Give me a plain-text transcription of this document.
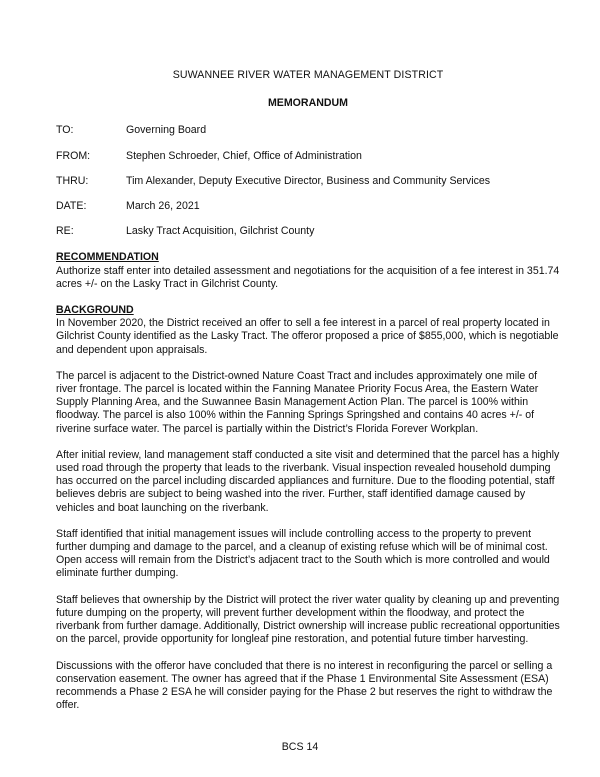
SUWANNEE RIVER WATER MANAGEMENT DISTRICT
MEMORANDUM
TO:	Governing Board
FROM:	Stephen Schroeder, Chief, Office of Administration
THRU:	Tim Alexander, Deputy Executive Director, Business and Community Services
DATE:	March 26, 2021
RE:	Lasky Tract Acquisition, Gilchrist County
RECOMMENDATION

Authorize staff enter into detailed assessment and negotiations for the acquisition of a fee interest in 351.74 acres +/- on the Lasky Tract in Gilchrist County.

BACKGROUND

In November 2020, the District received an offer to sell a fee interest in a parcel of real property located in Gilchrist County identified as the Lasky Tract. The offeror proposed a price of $855,000, which is negotiable and dependent upon appraisals.

The parcel is adjacent to the District-owned Nature Coast Tract and includes approximately one mile of river frontage. The parcel is located within the Fanning Manatee Priority Focus Area, the Eastern Water Supply Planning Area, and the Suwannee Basin Management Action Plan. The parcel is 100% within floodway. The parcel is also 100% within the Fanning Springs Springshed and contains 40 acres +/- of riverine surface water. The parcel is partially within the District’s Florida Forever Workplan.

After initial review, land management staff conducted a site visit and determined that the parcel has a highly used road through the property that leads to the riverbank. Visual inspection revealed household dumping has occurred on the parcel including discarded appliances and furniture. Due to the flooding potential, staff believes debris are subject to being washed into the river. Further, staff identified damage caused by vehicles and boat launching on the riverbank.

Staff identified that initial management issues will include controlling access to the property to prevent further dumping and damage to the parcel, and a cleanup of existing refuse which will be of minimal cost. Open access will remain from the District’s adjacent tract to the South which is more controlled and would eliminate further dumping.

Staff believes that ownership by the District will protect the river water quality by cleaning up and preventing future dumping on the property, will prevent further development within the floodway, and protect the riverbank from further damage. Additionally, District ownership will increase public recreational opportunities on the parcel, provide opportunity for longleaf pine restoration, and potential future timber harvesting.

Discussions with the offeror have concluded that there is no interest in reconfiguring the parcel or selling a conservation easement. The owner has agreed that if the Phase 1 Environmental Site Assessment (ESA) recommends a Phase 2 ESA he will consider paying for the Phase 2 but reserves the right to withdraw the offer.

BCS 14
